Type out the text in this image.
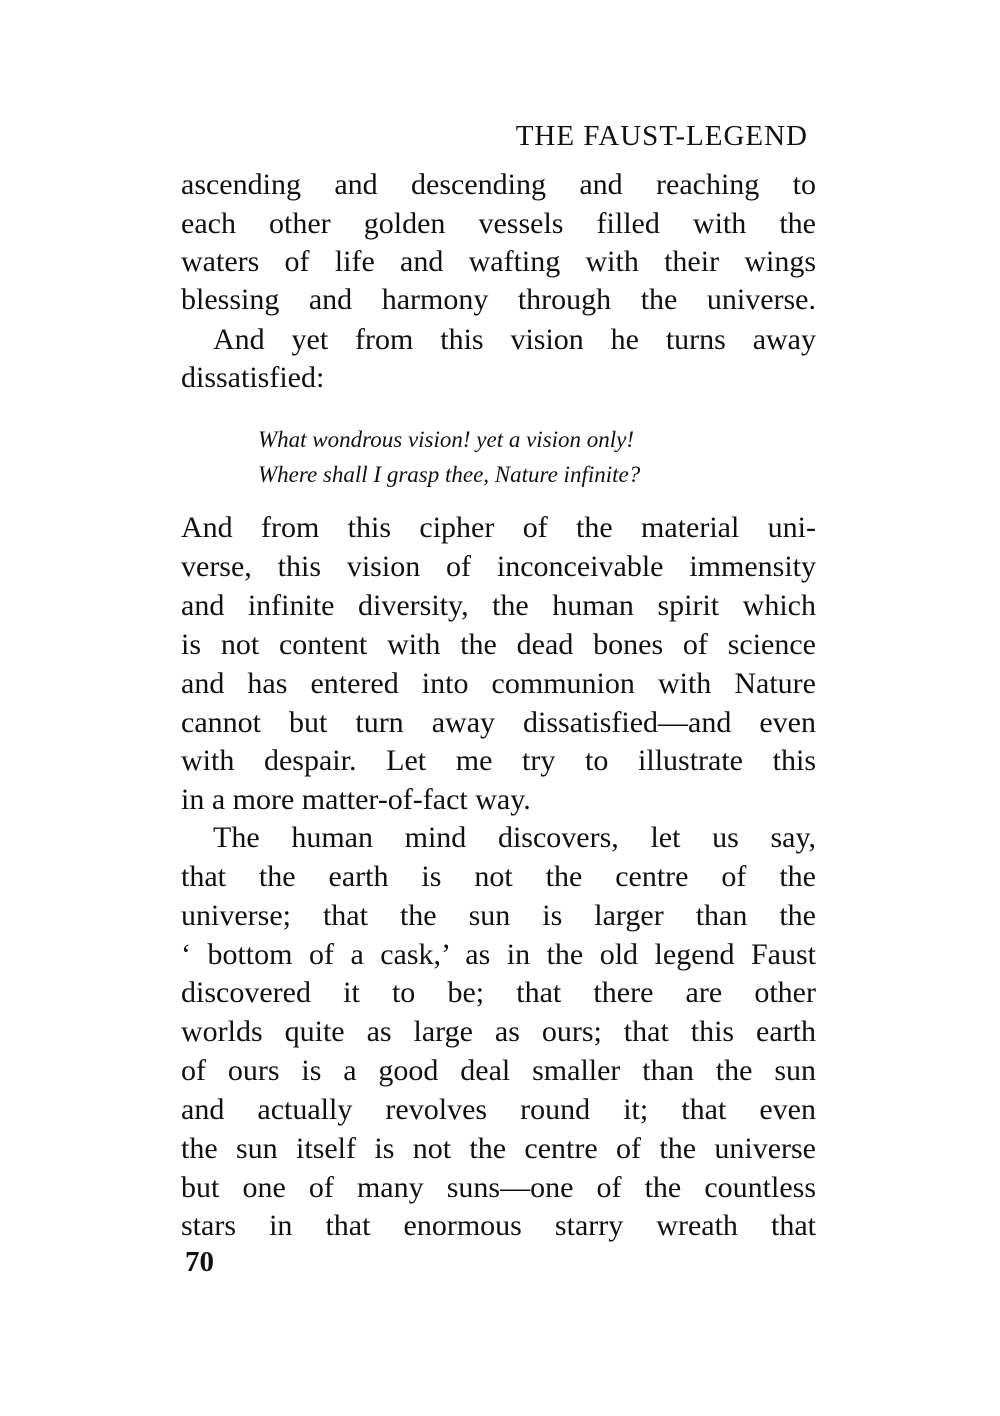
THE FAUST-LEGEND
ascending and descending and reaching to
each other golden vessels filled with the
waters of life and wafting with their wings
blessing and harmony through the universe.
And yet from this vision he turns away
dissatisfied:
What wondrous vision! yet a vision only!
Where shall I grasp thee, Nature infinite?
And from this cipher of the material uni-
verse, this vision of inconceivable immensity
and infinite diversity, the human spirit which
is not content with the dead bones of science
and has entered into communion with Nature
cannot but turn away dissatisfied—and even
with despair. Let me try to illustrate this
in a more matter-of-fact way.
The human mind discovers, let us say,
that the earth is not the centre of the
universe; that the sun is larger than the
‘ bottom of a cask,’ as in the old legend Faust
discovered it to be; that there are other
worlds quite as large as ours; that this earth
of ours is a good deal smaller than the sun
and actually revolves round it; that even
the sun itself is not the centre of the universe
but one of many suns—one of the countless
stars in that enormous starry wreath that
70
